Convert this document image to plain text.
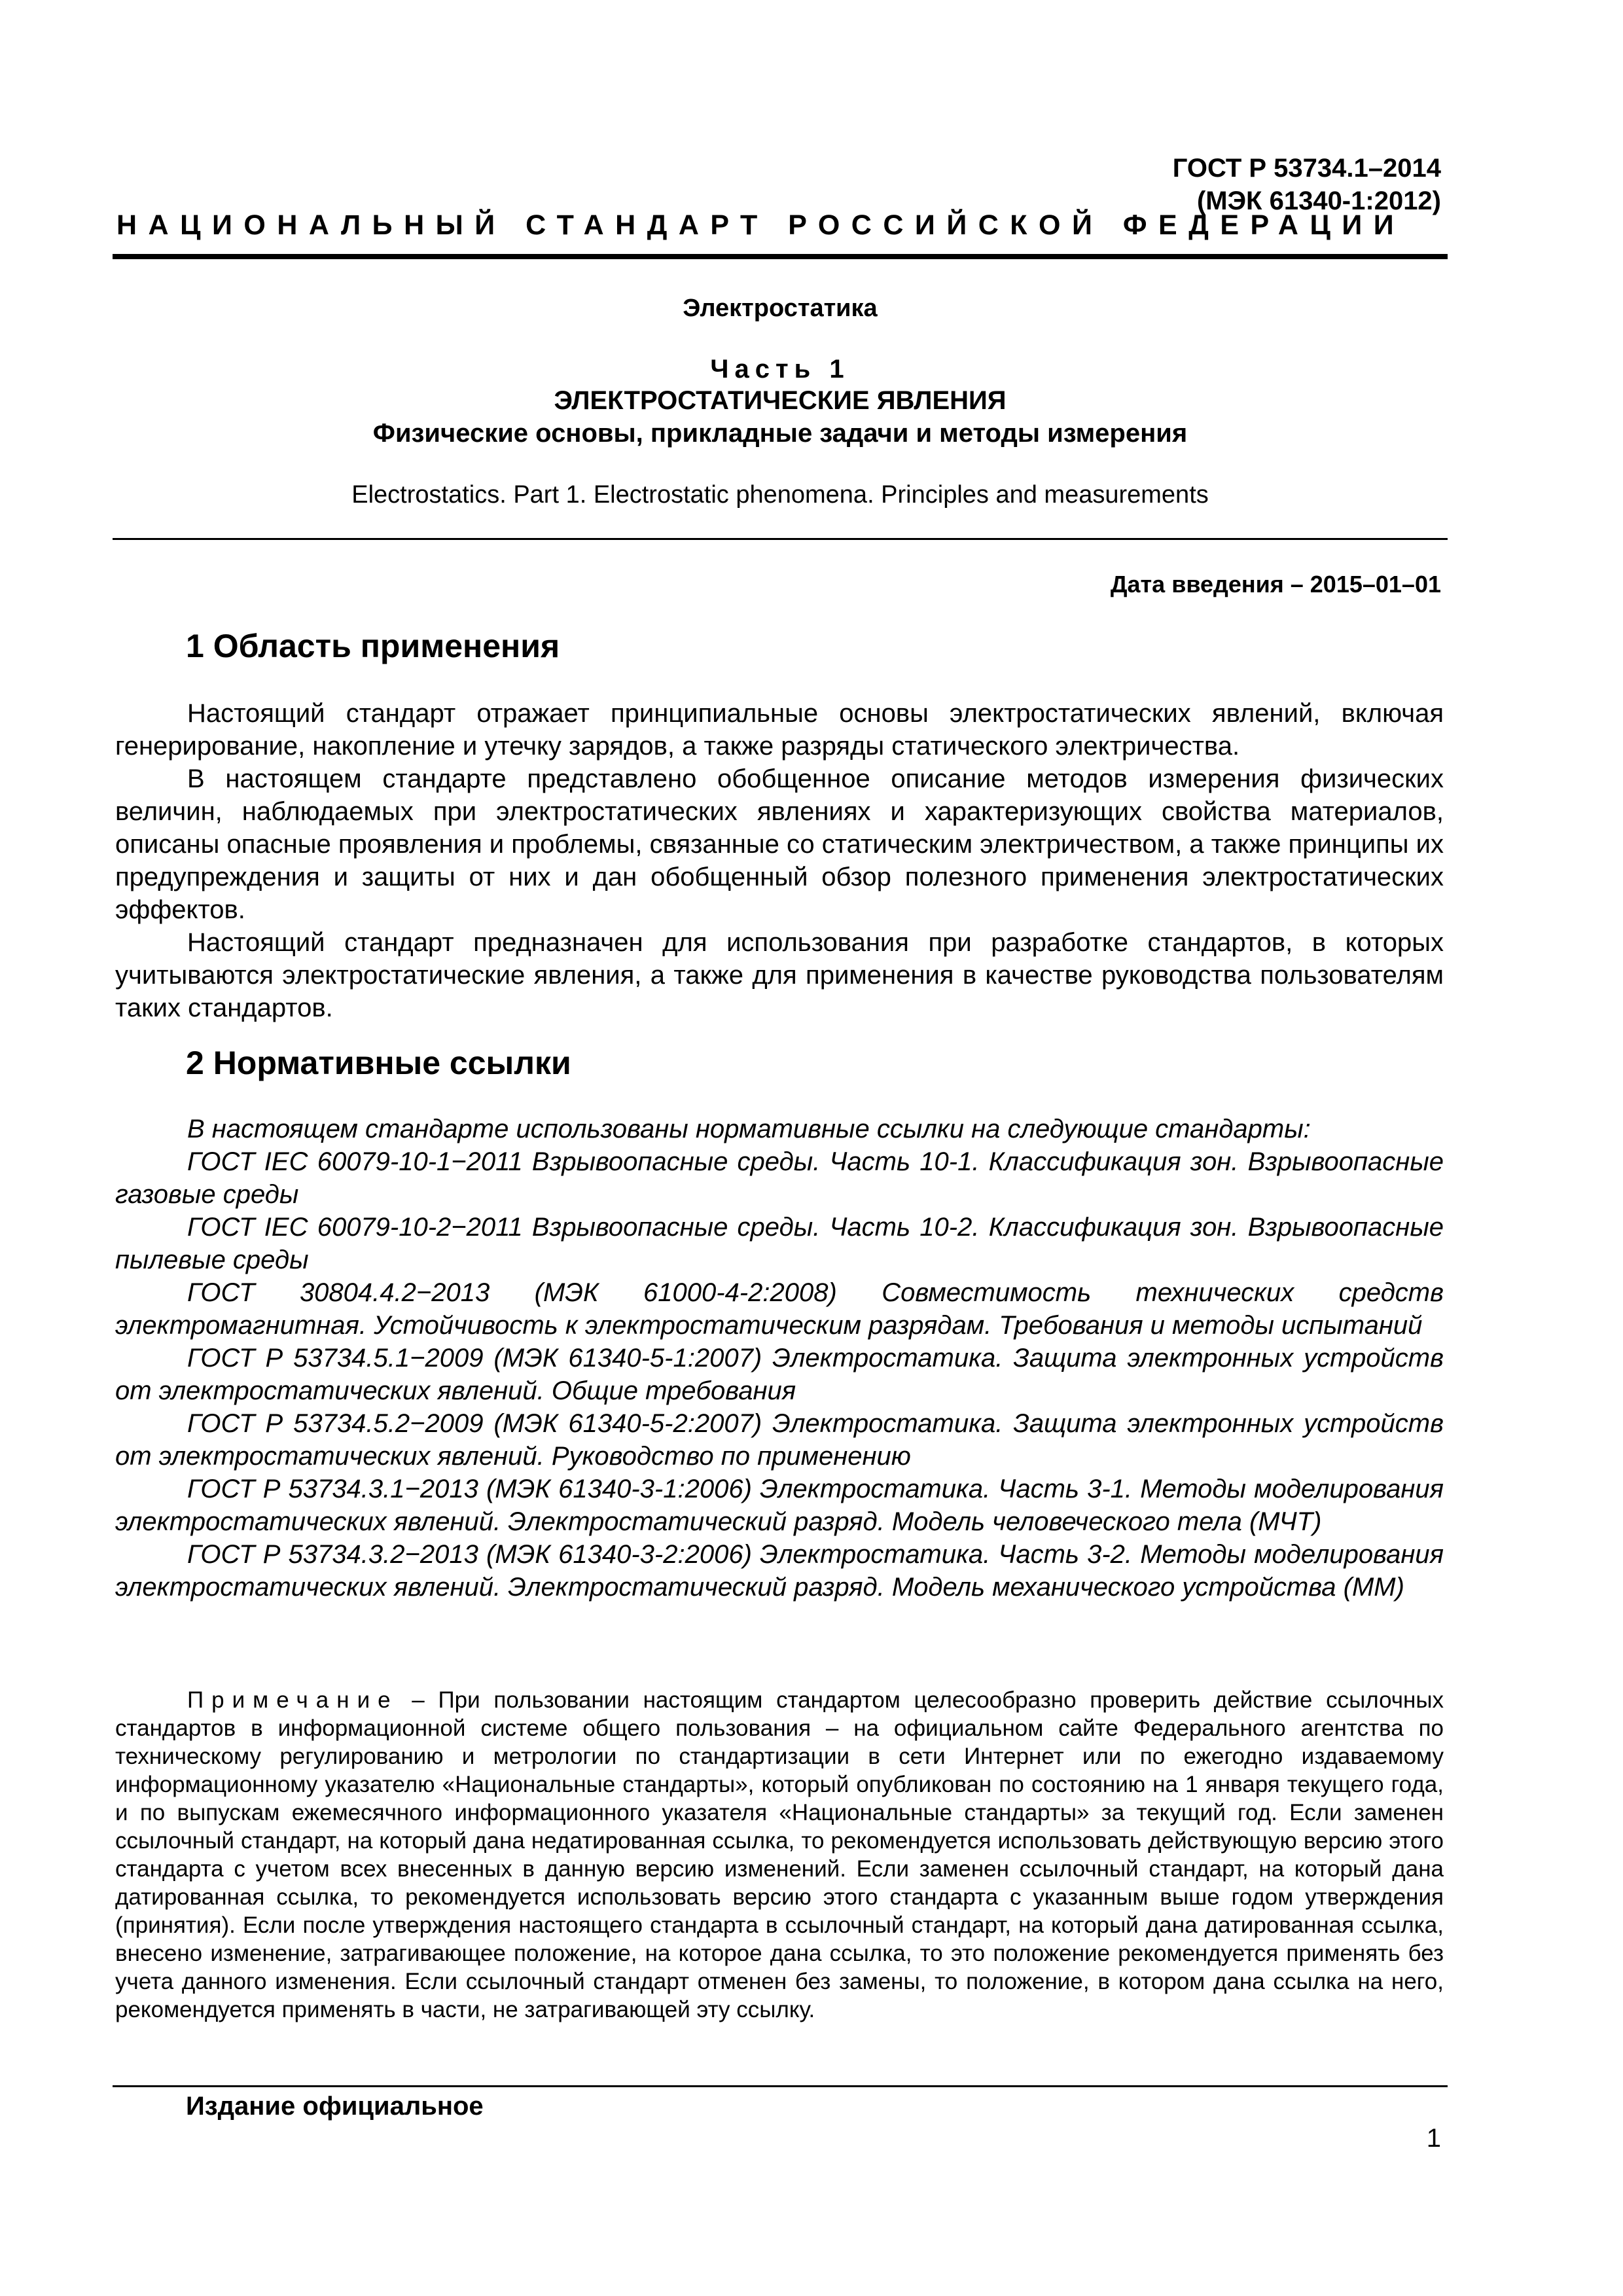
ГОСТ Р 53734.1–2014
(МЭК 61340-1:2012)
НАЦИОНАЛЬНЫЙ СТАНДАРТ РОССИЙСКОЙ ФЕДЕРАЦИИ
Электростатика
Часть 1
ЭЛЕКТРОСТАТИЧЕСКИЕ ЯВЛЕНИЯ
Физические основы, прикладные задачи и методы измерения
Electrostatics. Part 1. Electrostatic phenomena. Principles and measurements
Дата введения – 2015–01–01
1 Область применения

Настоящий стандарт отражает принципиальные основы электростатических явлений, включая генерирование, накопление и утечку зарядов, а также разряды статического электричества.

В настоящем стандарте представлено обобщенное описание методов измерения физических величин, наблюдаемых при электростатических явлениях и характеризующих свойства материалов, описаны опасные проявления и проблемы, связанные со статическим электричеством, а также принципы их предупреждения и защиты от них и дан обобщенный обзор полезного применения электростатических эффектов.

Настоящий стандарт предназначен для использования при разработке стандартов, в которых учитываются электростатические явления, а также для применения в качестве руководства пользователям таких стандартов.

2 Нормативные ссылки

В настоящем стандарте использованы нормативные ссылки на следующие стандарты:

ГОСТ IEC 60079-10-1−2011 Взрывоопасные среды. Часть 10-1. Классификация зон. Взрывоопасные газовые среды

ГОСТ IEC 60079-10-2−2011 Взрывоопасные среды. Часть 10-2. Классификация зон. Взрывоопасные пылевые среды

ГОСТ 30804.4.2−2013 (МЭК 61000-4-2:2008) Совместимость технических средств электромагнитная. Устойчивость к электростатическим разрядам. Требования и методы испытаний

ГОСТ Р 53734.5.1−2009 (МЭК 61340-5-1:2007) Электростатика. Защита электронных устройств от электростатических явлений. Общие требования

ГОСТ Р 53734.5.2−2009 (МЭК 61340-5-2:2007) Электростатика. Защита электронных устройств от электростатических явлений. Руководство по применению

ГОСТ Р 53734.3.1−2013 (МЭК 61340-3-1:2006) Электростатика. Часть 3-1. Методы моделирования электростатических явлений. Электростатический разряд. Модель человеческого тела (МЧТ)

ГОСТ Р 53734.3.2−2013 (МЭК 61340-3-2:2006) Электростатика. Часть 3-2. Методы моделирования электростатических явлений. Электростатический разряд. Модель механического устройства (ММ)

Примечание – При пользовании настоящим стандартом целесообразно проверить действие ссылочных стандартов в информационной системе общего пользования – на официальном сайте Федерального агентства по техническому регулированию и метрологии по стандартизации в сети Интернет или по ежегодно издаваемому информационному указателю «Национальные стандарты», который опубликован по состоянию на 1 января текущего года, и по выпускам ежемесячного информационного указателя «Национальные стандарты» за текущий год. Если заменен ссылочный стандарт, на который дана недатированная ссылка, то рекомендуется использовать действующую версию этого стандарта с учетом всех внесенных в данную версию изменений. Если заменен ссылочный стандарт, на который дана датированная ссылка, то рекомендуется использовать версию этого стандарта с указанным выше годом утверждения (принятия). Если после утверждения настоящего стандарта в ссылочный стандарт, на который дана датированная ссылка, внесено изменение, затрагивающее положение, на которое дана ссылка, то это положение рекомендуется применять без учета данного изменения. Если ссылочный стандарт отменен без замены, то положение, в котором дана ссылка на него, рекомендуется применять в части, не затрагивающей эту ссылку.

Издание официальное
1
